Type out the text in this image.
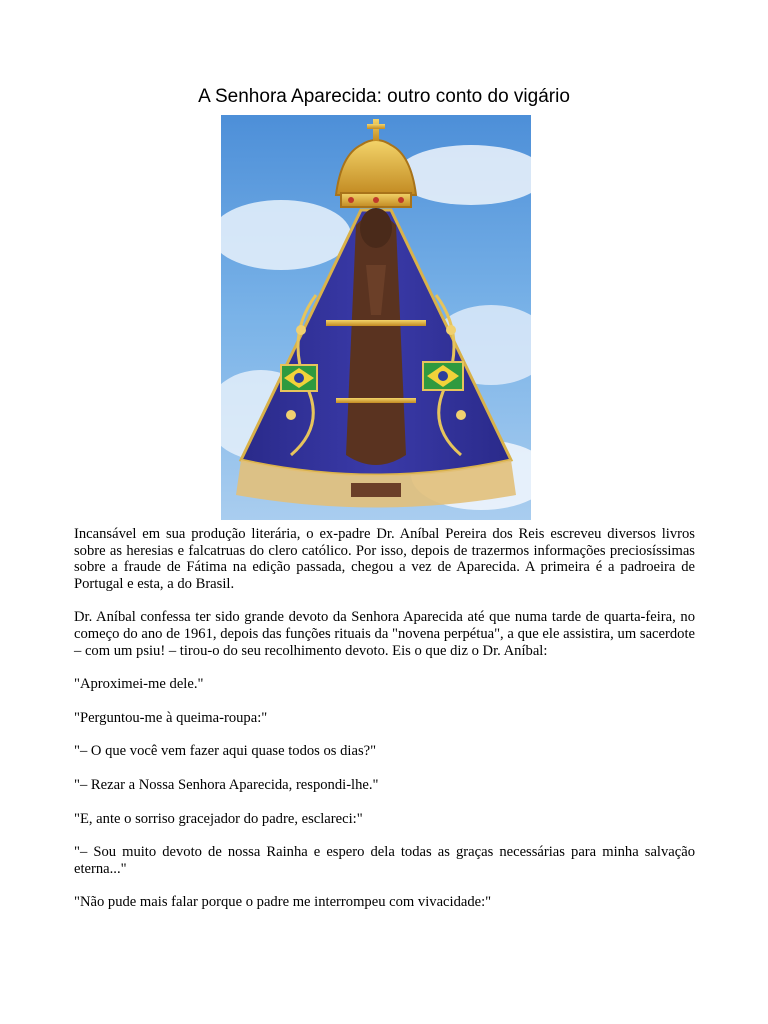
A Senhora Aparecida: outro conto do vigário

Incansável em sua produção literária, o ex-padre Dr. Aníbal Pereira dos Reis escreveu diversos livros sobre as heresias e falcatruas do clero católico. Por isso, depois de trazermos informações preciosíssimas sobre a fraude de Fátima na edição passada, chegou a vez de Aparecida. A primeira é a padroeira de Portugal e esta, a do Brasil.

Dr. Aníbal confessa ter sido grande devoto da Senhora Aparecida até que numa tarde de quarta-feira, no começo do ano de 1961, depois das funções rituais da "novena perpétua", a que ele assistira, um sacerdote – com um psiu! – tirou-o do seu recolhimento devoto. Eis o que diz o Dr. Aníbal:

"Aproximei-me dele."

"Perguntou-me à queima-roupa:"

"– O que você vem fazer aqui quase todos os dias?"

"– Rezar a Nossa Senhora Aparecida, respondi-lhe."

"E, ante o sorriso gracejador do padre, esclareci:"

"– Sou muito devoto de nossa Rainha e espero dela todas as graças necessárias para minha salvação eterna..."

"Não pude mais falar porque o padre me interrompeu com vivacidade:"
